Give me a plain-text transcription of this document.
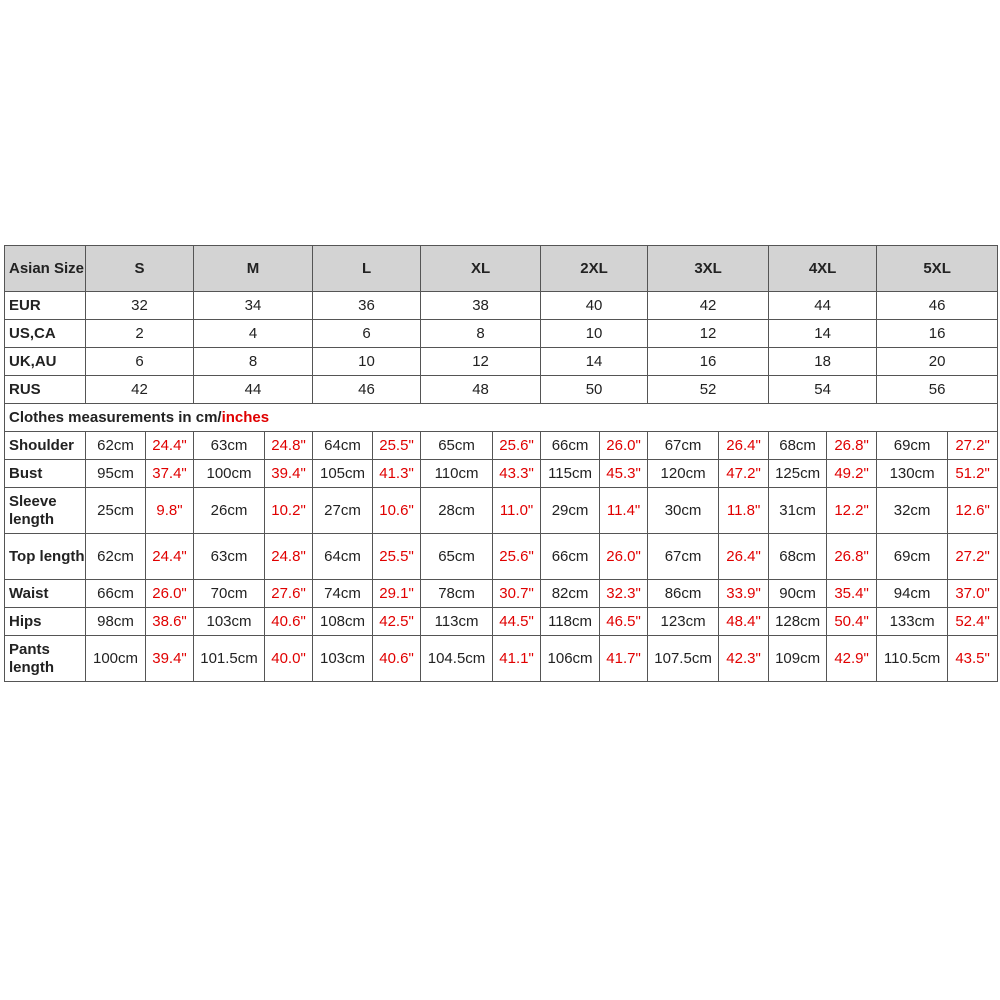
Asian Size	S		M		L		XL		2XL		3XL		4XL		5XL	
EUR	32		34		36		38		40		42		44		46	
US,CA	2		4		6		8		10		12		14		16	
UK,AU	6		8		10		12		14		16		18		20	
RUS	42		44		46		48		50		52		54		56	
Clothes measurements in cm/inches																
Shoulder	62cm	24.4"	63cm	24.8"	64cm	25.5"	65cm	25.6"	66cm	26.0"	67cm	26.4"	68cm	26.8"	69cm	27.2"
Bust	95cm	37.4"	100cm	39.4"	105cm	41.3"	110cm	43.3"	115cm	45.3"	120cm	47.2"	125cm	49.2"	130cm	51.2"
Sleeve length	25cm	9.8"	26cm	10.2"	27cm	10.6"	28cm	11.0"	29cm	11.4"	30cm	11.8"	31cm	12.2"	32cm	12.6"
Top length	62cm	24.4"	63cm	24.8"	64cm	25.5"	65cm	25.6"	66cm	26.0"	67cm	26.4"	68cm	26.8"	69cm	27.2"
Waist	66cm	26.0"	70cm	27.6"	74cm	29.1"	78cm	30.7"	82cm	32.3"	86cm	33.9"	90cm	35.4"	94cm	37.0"
Hips	98cm	38.6"	103cm	40.6"	108cm	42.5"	113cm	44.5"	118cm	46.5"	123cm	48.4"	128cm	50.4"	133cm	52.4"
Pants length	100cm	39.4"	101.5cm	40.0"	103cm	40.6"	104.5cm	41.1"	106cm	41.7"	107.5cm	42.3"	109cm	42.9"	110.5cm	43.5"
